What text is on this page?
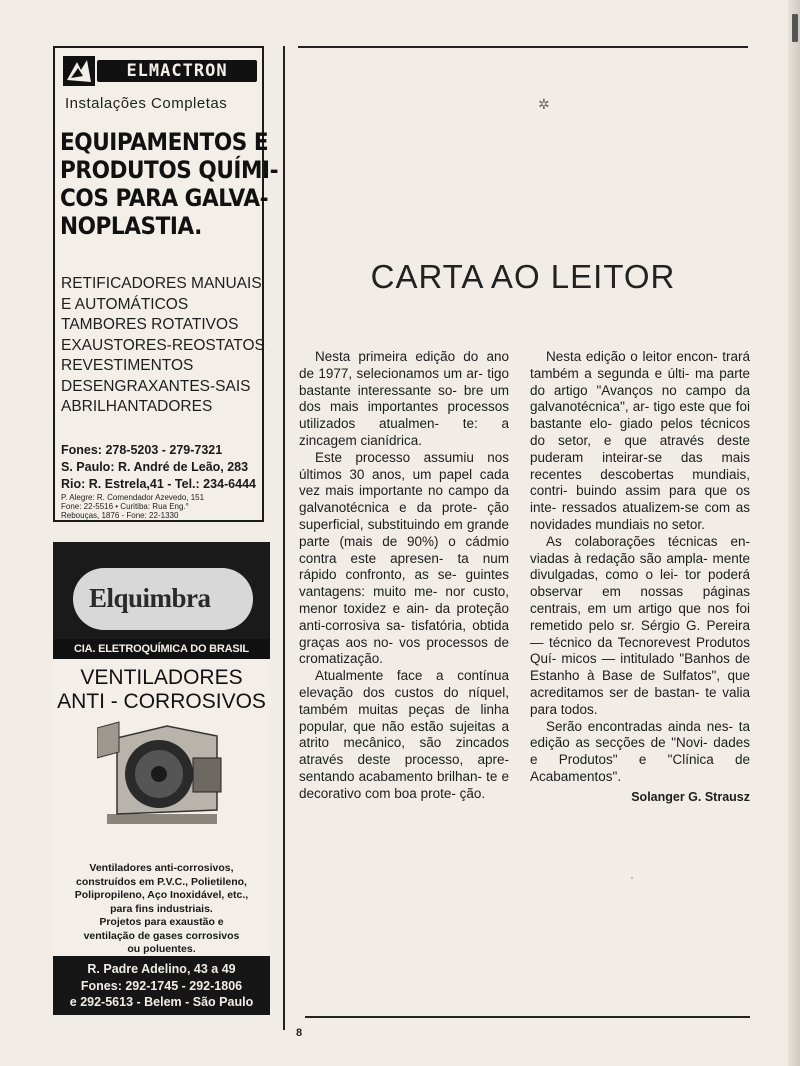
ELMACTRON
Instalações Completas
EQUIPAMENTOS E
PRODUTOS QUÍMI-
COS PARA GALVA-
NOPLASTIA.
RETIFICADORES MANUAIS
E AUTOMÁTICOS
TAMBORES ROTATIVOS
EXAUSTORES-REOSTATOS
REVESTIMENTOS
DESENGRAXANTES-SAIS
ABRILHANTADORES
Fones: 278-5203 - 279-7321
S. Paulo: R. André de Leão, 283
Rio: R. Estrela,41 - Tel.: 234-6444
P. Alegre: R. Comendador Azevedo, 151
Fone: 22-5516 • Curitiba: Rua Eng.°
Rebouças, 1876 - Fone: 22-1330
Elquimbra
CIA. ELETROQUÍMICA DO BRASIL
VENTILADORES
ANTI - CORROSIVOS
Ventiladores anti-corrosivos,
construídos em P.V.C., Polietileno,
Polipropileno, Aço Inoxidável, etc.,
para fins industriais.
Projetos para exaustão e
ventilação de gases corrosivos
ou poluentes.
R. Padre Adelino, 43 a 49
Fones: 292-1745 - 292-1806
e 292-5613 - Belem - São Paulo
✲
·
CARTA AO LEITOR

Nesta primeira edição do ano de 1977, selecionamos um ar- tigo bastante interessante so- bre um dos mais importantes processos utilizados atualmen- te: a zincagem cianídrica.

Este processo assumiu nos últimos 30 anos, um papel cada vez mais importante no campo da galvanotécnica e da prote- ção superficial, substituindo em grande parte (mais de 90%) o cádmio contra este apresen- ta num rápido confronto, as se- guintes vantagens: muito me- nor custo, menor toxidez e ain- da proteção anti-corrosiva sa- tisfatória, obtida graças aos no- vos processos de cromatização.

Atualmente face a contínua elevação dos custos do níquel, também muitas peças de linha popular, que não estão sujeitas a atrito mecânico, são zincados através deste processo, apre- sentando acabamento brilhan- te e decorativo com boa prote- ção.

Nesta edição o leitor encon- trará também a segunda e últi- ma parte do artigo "Avanços no campo da galvanotécnica", ar- tigo este que foi bastante elo- giado pelos técnicos do setor, e que através deste puderam inteirar-se das mais recentes descobertas mundiais, contri- buindo assim para que os inte- ressados atualizem-se com as novidades mundiais no setor.

As colaborações técnicas en- viadas à redação são ampla- mente divulgadas, como o lei- tor poderá observar em nossas páginas centrais, em um artigo que nos foi remetido pelo sr. Sérgio G. Pereira — técnico da Tecnorevest Produtos Quí- micos — intitulado "Banhos de Estanho à Base de Sulfatos", que acreditamos ser de bastan- te valia para todos.

Serão encontradas ainda nes- ta edição as secções de "Novi- dades e Produtos" e "Clínica de Acabamentos".

Solanger G. Strausz
8
